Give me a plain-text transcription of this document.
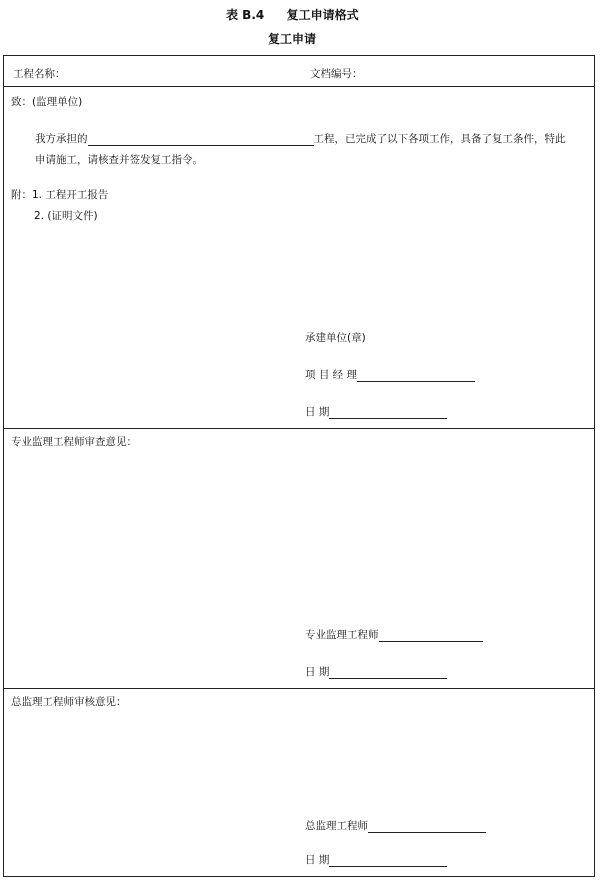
表 B.4 复工申请格式
复工申请
工程名称：	文档编号：
致：(监理单位)
我方承担的	工程，已完成了以下各项工作，具备了复工条件，特此
申请施工，请核查并签发复工指令。
附：1. 工程开工报告
2. (证明文件)
承建单位(章)
项 目 经 理
日 期
专业监理工程师审查意见：
专业监理工程师
日 期
总监理工程师审核意见：
总监理工程师
日 期
